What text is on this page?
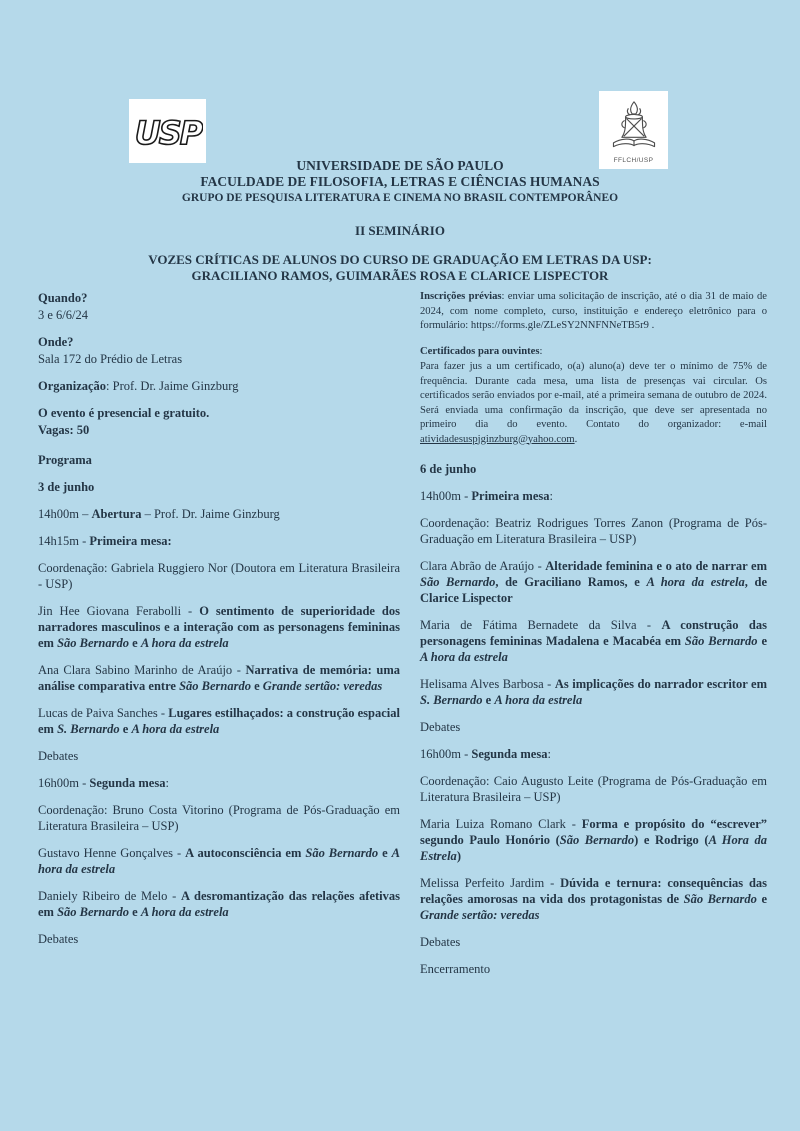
USP
FFLCH/USP
UNIVERSIDADE DE SÃO PAULO
FACULDADE DE FILOSOFIA, LETRAS E CIÊNCIAS HUMANAS
GRUPO DE PESQUISA LITERATURA E CINEMA NO BRASIL CONTEMPORÂNEO
II SEMINÁRIO
VOZES CRÍTICAS DE ALUNOS DO CURSO DE GRADUAÇÃO EM LETRAS DA USP:
GRACILIANO RAMOS, GUIMARÃES ROSA E CLARICE LISPECTOR

Quando?

3 e 6/6/24

Onde?

Sala 172 do Prédio de Letras

Organização: Prof. Dr. Jaime Ginzburg

O evento é presencial e gratuito.

Vagas: 50

Programa

3 de junho

14h00m – Abertura – Prof. Dr. Jaime Ginzburg

14h15m - Primeira mesa:

Coordenação: Gabriela Ruggiero Nor (Doutora em Literatura Brasileira - USP)

Jin Hee Giovana Ferabolli - O sentimento de superioridade dos narradores masculinos e a interação com as personagens femininas em São Bernardo e A hora da estrela

Ana Clara Sabino Marinho de Araújo - Narrativa de memória: uma análise comparativa entre São Bernardo e Grande sertão: veredas

Lucas de Paiva Sanches - Lugares estilhaçados: a construção espacial em S. Bernardo e A hora da estrela

Debates

16h00m - Segunda mesa:

Coordenação: Bruno Costa Vitorino (Programa de Pós-Graduação em Literatura Brasileira – USP)

Gustavo Henne Gonçalves - A autoconsciência em São Bernardo e A hora da estrela

Daniely Ribeiro de Melo - A desromantização das relações afetivas em São Bernardo e A hora da estrela

Debates

Inscrições prévias: enviar uma solicitação de inscrição, até o dia 31 de maio de 2024, com nome completo, curso, instituição e endereço eletrônico para o formulário: https://forms.gle/ZLeSY2NNFNNeTB5r9 .

Certificados para ouvintes:

Para fazer jus a um certificado, o(a) aluno(a) deve ter o mínimo de 75% de frequência. Durante cada mesa, uma lista de presenças vai circular. Os certificados serão enviados por e-mail, até a primeira semana de outubro de 2024. Será enviada uma confirmação da inscrição, que deve ser apresentada no primeiro dia do evento. Contato do organizador: e-mail atividadesuspjginzburg@yahoo.com.

6 de junho

14h00m - Primeira mesa:

Coordenação: Beatriz Rodrigues Torres Zanon (Programa de Pós-Graduação em Literatura Brasileira – USP)

Clara Abrão de Araújo - Alteridade feminina e o ato de narrar em São Bernardo, de Graciliano Ramos, e A hora da estrela, de Clarice Lispector

Maria de Fátima Bernadete da Silva - A construção das personagens femininas Madalena e Macabéa em São Bernardo e A hora da estrela

Helisama Alves Barbosa - As implicações do narrador escritor em S. Bernardo e A hora da estrela

Debates

16h00m - Segunda mesa:

Coordenação: Caio Augusto Leite (Programa de Pós-Graduação em Literatura Brasileira – USP)

Maria Luiza Romano Clark - Forma e propósito do “escrever” segundo Paulo Honório (São Bernardo) e Rodrigo (A Hora da Estrela)

Melissa Perfeito Jardim - Dúvida e ternura: consequências das relações amorosas na vida dos protagonistas de São Bernardo e Grande sertão: veredas

Debates

Encerramento
